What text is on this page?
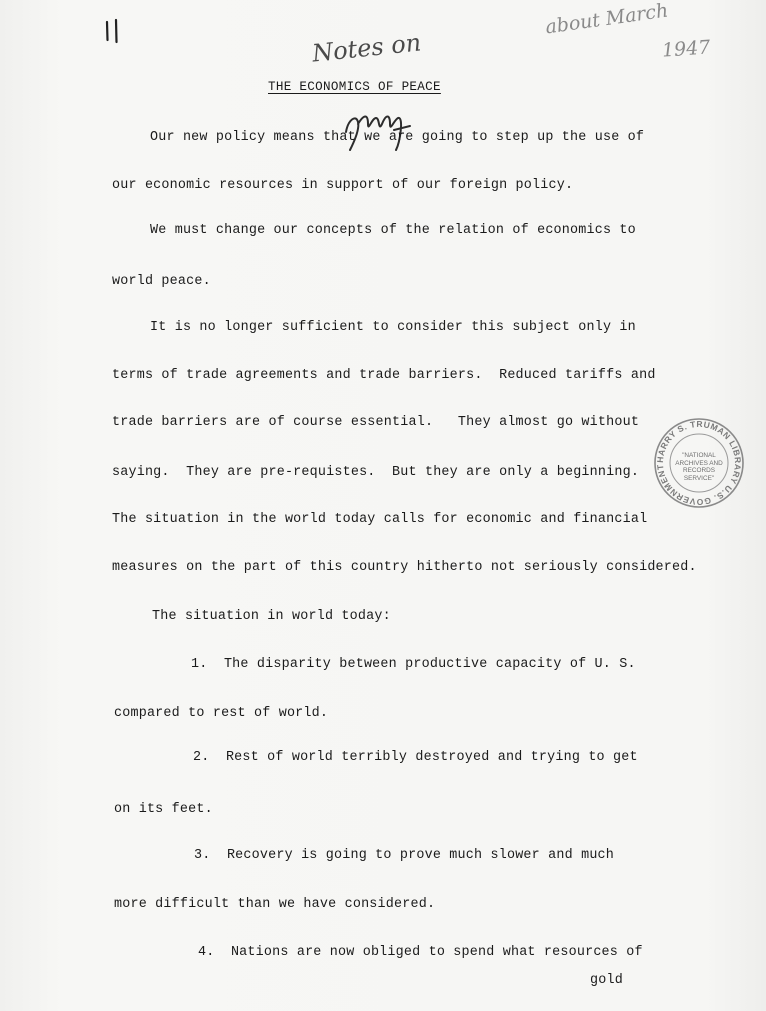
Notes on
about March
1947
THE ECONOMICS OF PEACE
Our new policy means that we are going to step up the use of
our economic resources in support of our foreign policy.
We must change our concepts of the relation of economics to
world peace.
It is no longer sufficient to consider this subject only in
terms of trade agreements and trade barriers.  Reduced tariffs and
trade barriers are of course essential.   They almost go without
saying.  They are pre-requistes.  But they are only a beginning.
The situation in the world today calls for economic and financial
measures on the part of this country hitherto not seriously considered.
The situation in world today:
1.  The disparity between productive capacity of U. S.
compared to rest of world.
2.  Rest of world terribly destroyed and trying to get
on its feet.
3.  Recovery is going to prove much slower and much
more difficult than we have considered.
4.  Nations are now obliged to spend what resources of
gold
HARRY S. TRUMAN LIBRARY U.S. GOVERNMENT
"NATIONAL
ARCHIVES AND
RECORDS
SERVICE"
